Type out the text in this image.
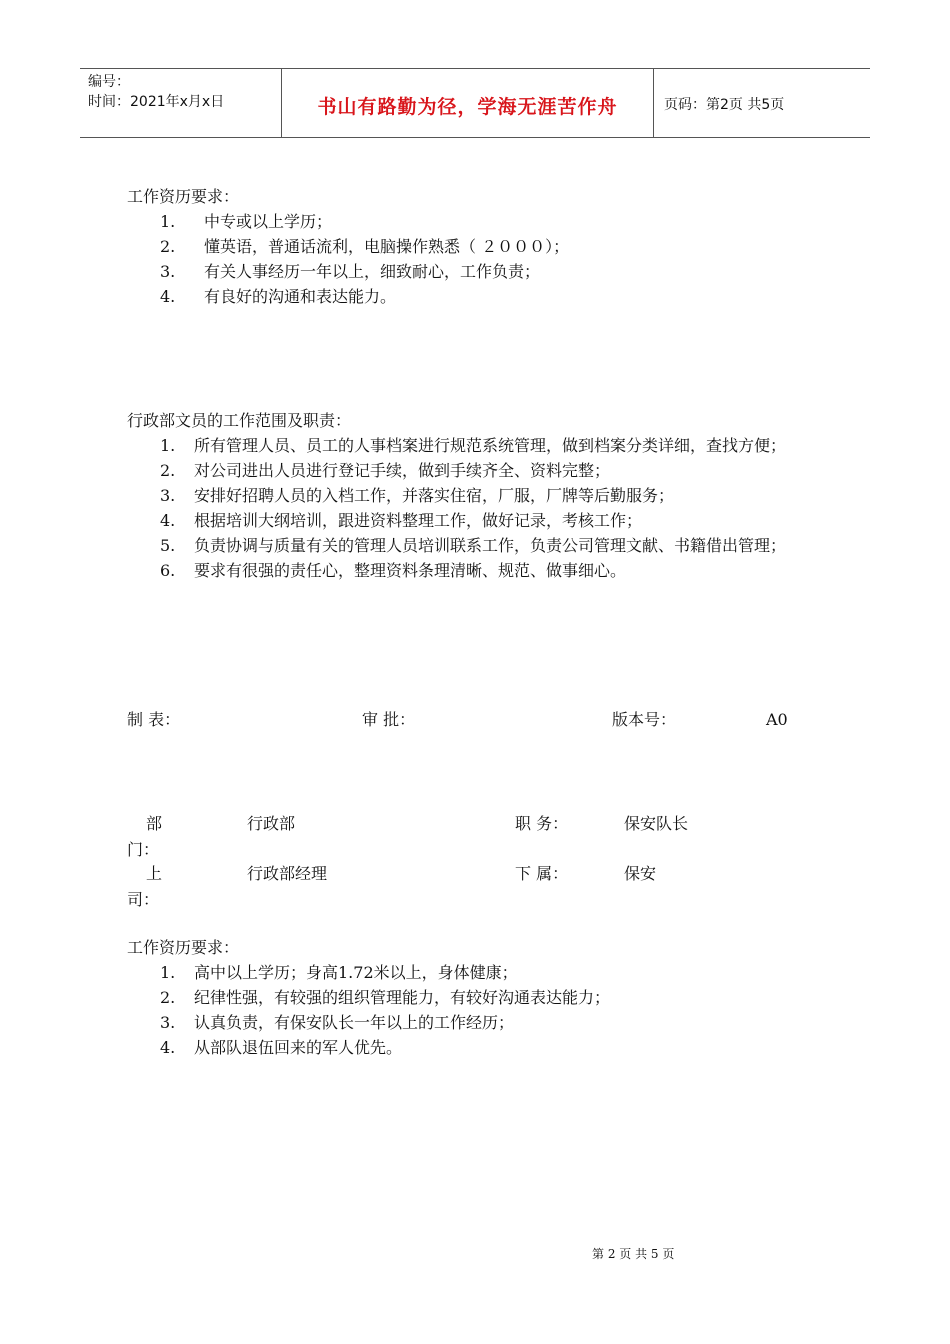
编号：
时间：2021年x月x日	书山有路勤为径，学海无涯苦作舟	页码：第2页 共5页
工作资历要求：
1. 中专或以上学历；
2. 懂英语，普通话流利，电脑操作熟悉（ ２０００）；
3. 有关人事经历一年以上，细致耐心，工作负责；
4. 有良好的沟通和表达能力。
行政部文员的工作范围及职责：
1. 所有管理人员、员工的人事档案进行规范系统管理，做到档案分类详细，查找方便；
2. 对公司进出人员进行登记手续，做到手续齐全、资料完整；
3. 安排好招聘人员的入档工作，并落实住宿，厂服，厂牌等后勤服务；
4. 根据培训大纲培训，跟进资料整理工作，做好记录，考核工作；
5. 负责协调与质量有关的管理人员培训联系工作，负责公司管理文献、书籍借出管理；
6. 要求有很强的责任心，整理资料条理清晰、规范、做事细心。
制 表：	审 批：	版本号：	A0
部
门：
行政部	职 务：	保安队长
上
司：
行政部经理	下 属：	保安
工作资历要求：
1. 高中以上学历；身高1.72米以上，身体健康；
2. 纪律性强，有较强的组织管理能力，有较好沟通表达能力；
3. 认真负责，有保安队长一年以上的工作经历；
4. 从部队退伍回来的军人优先。
第 2 页 共 5 页
